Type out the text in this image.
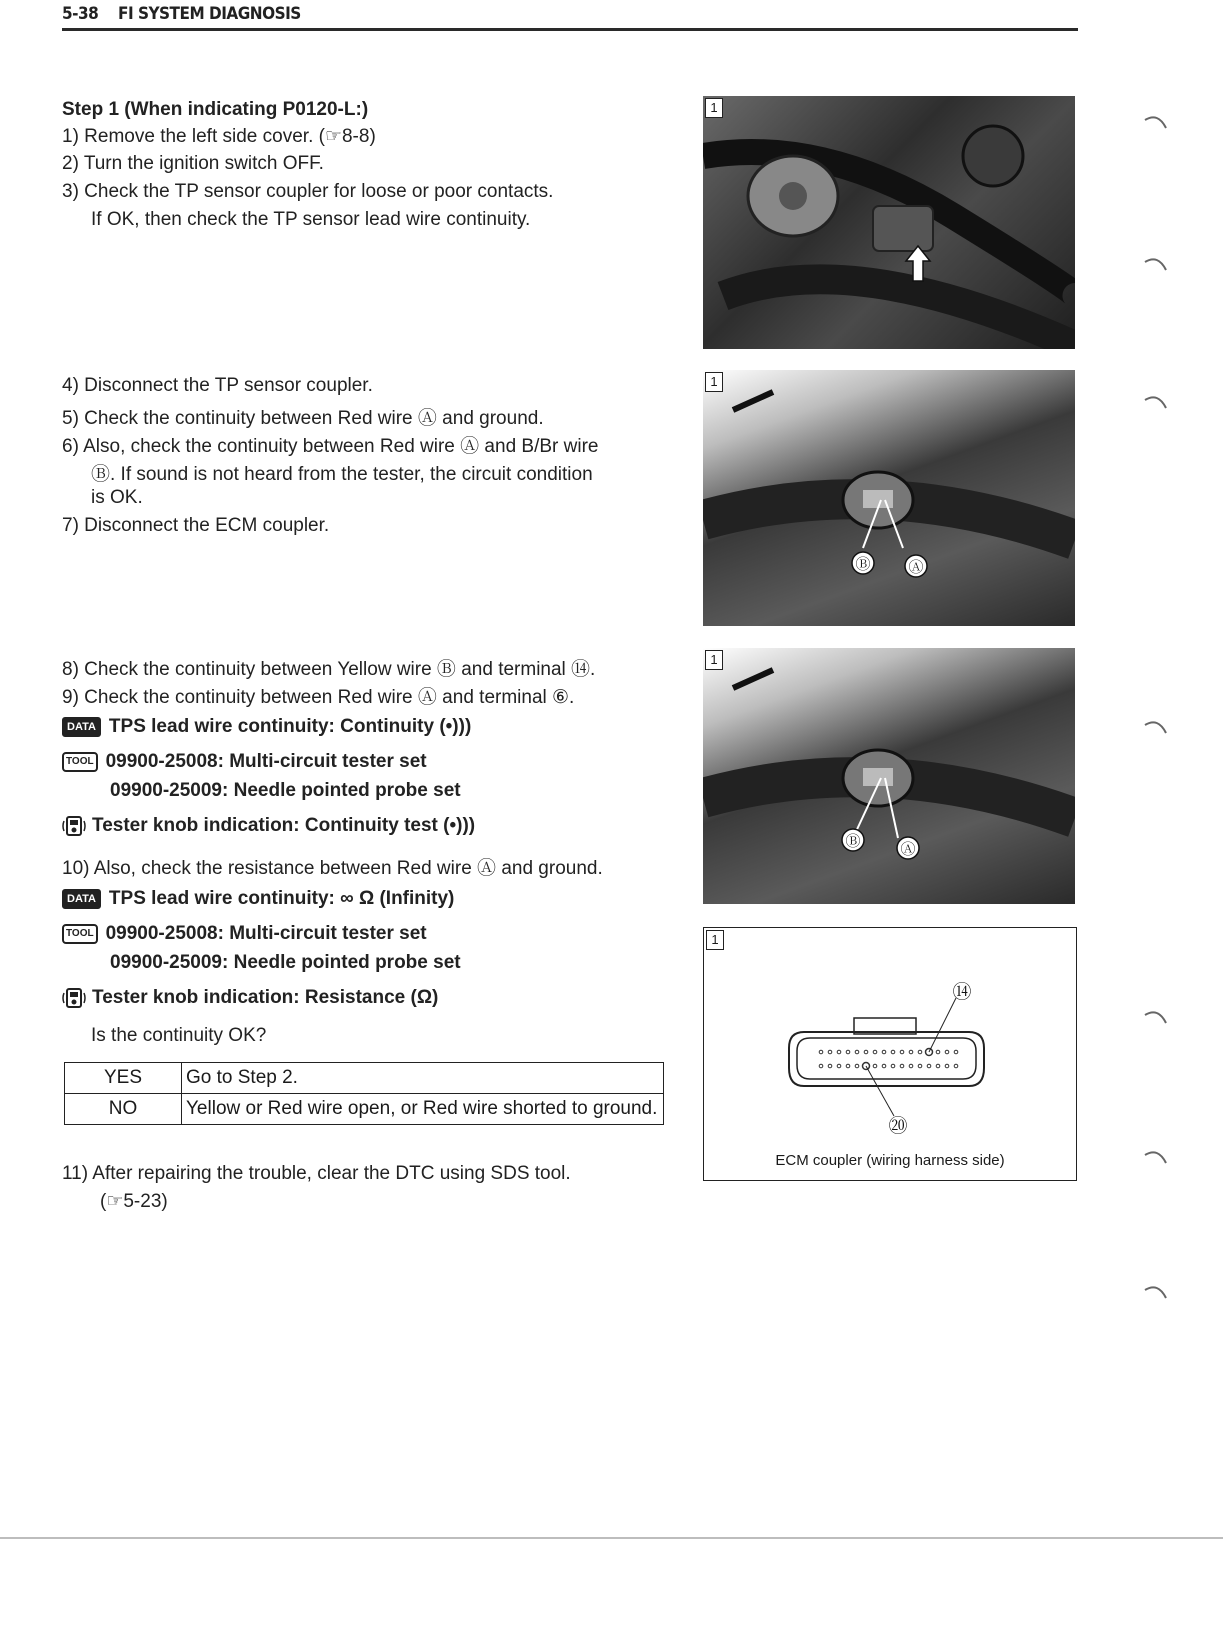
5-38 FI SYSTEM DIAGNOSIS
Step 1 (When indicating P0120-L:)
1) Remove the left side cover. (☞8-8)
2) Turn the ignition switch OFF.
3) Check the TP sensor coupler for loose or poor contacts.
If OK, then check the TP sensor lead wire continuity.
4) Disconnect the TP sensor coupler.
5) Check the continuity between Red wire Ⓐ and ground.
6) Also, check the continuity between Red wire Ⓐ and B/Br wire
Ⓑ. If sound is not heard from the tester, the circuit condition
is OK.
7) Disconnect the ECM coupler.
8) Check the continuity between Yellow wire Ⓑ and terminal ⑭.
9) Check the continuity between Red wire Ⓐ and terminal ⑥.
DATA TPS lead wire continuity: Continuity (•)))
TOOL 09900-25008: Multi-circuit tester set
09900-25009: Needle pointed probe set
Tester knob indication: Continuity test (•)))
10) Also, check the resistance between Red wire Ⓐ and ground.
DATA TPS lead wire continuity: ∞ Ω (Infinity)
TOOL 09900-25008: Multi-circuit tester set
09900-25009: Needle pointed probe set
Tester knob indication: Resistance (Ω)
Is the continuity OK?
YES	Go to Step 2.
NO	Yellow or Red wire open, or Red wire shorted to ground.
11) After repairing the trouble, clear the DTC using SDS tool.
(☞5-23)
1
Ⓑ	Ⓐ
1
Ⓑ	Ⓐ
1
1
⑭
⑳
ECM coupler (wiring harness side)
